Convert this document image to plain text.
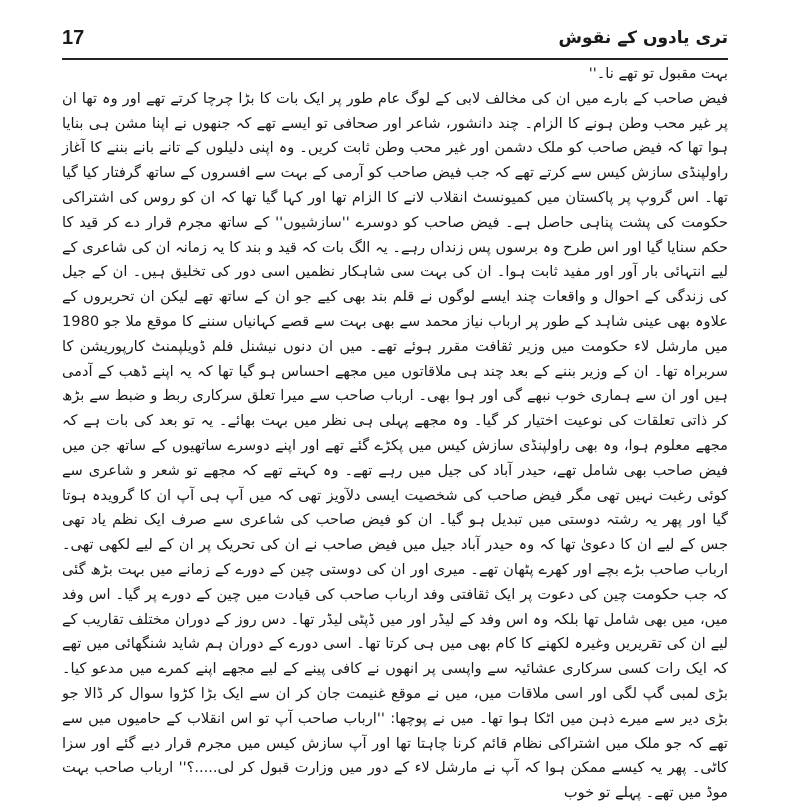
17	تری یادوں کے نقوش

بہت مقبول تو تھے نا۔''

فیض صاحب کے بارے میں ان کی مخالف لابی کے لوگ عام طور پر ایک بات کا بڑا چرچا کرتے تھے اور وہ تھا ان پر غیر محب وطن ہونے کا الزام۔ چند دانشور، شاعر اور صحافی تو ایسے تھے کہ جنھوں نے اپنا مشن ہی بنایا ہوا تھا کہ فیض صاحب کو ملک دشمن اور غیر محب وطن ثابت کریں۔ وہ اپنی دلیلوں کے تانے بانے بننے کا آغاز راولپنڈی سازش کیس سے کرتے تھے کہ جب فیض صاحب کو آرمی کے بہت سے افسروں کے ساتھ گرفتار کیا گیا تھا۔ اس گروپ پر پاکستان میں کمیونسٹ انقلاب لانے کا الزام تھا اور کہا گیا تھا کہ ان کو روس کی اشتراکی حکومت کی پشت پناہی حاصل ہے۔ فیض صاحب کو دوسرے ''سازشیوں'' کے ساتھ مجرم قرار دے کر قید کا حکم سنایا گیا اور اس طرح وہ برسوں پس زنداں رہے۔ یہ الگ بات کہ قید و بند کا یہ زمانہ ان کی شاعری کے لیے انتہائی بار آور اور مفید ثابت ہوا۔ ان کی بہت سی شاہکار نظمیں اسی دور کی تخلیق ہیں۔ ان کے جیل کی زندگی کے احوال و واقعات چند ایسے لوگوں نے قلم بند بھی کیے جو ان کے ساتھ تھے لیکن ان تحریروں کے علاوہ بھی عینی شاہد کے طور پر ارباب نیاز محمد سے بھی بہت سے قصے کہانیاں سننے کا موقع ملا جو 1980 میں مارشل لاء حکومت میں وزیر ثقافت مقرر ہوئے تھے۔ میں ان دنوں نیشنل فلم ڈویلپمنٹ کارپوریشن کا سربراہ تھا۔ ان کے وزیر بننے کے بعد چند ہی ملاقاتوں میں مجھے احساس ہو گیا تھا کہ یہ اپنے ڈھب کے آدمی ہیں اور ان سے ہماری خوب نبھے گی اور ہوا بھی۔ ارباب صاحب سے میرا تعلق سرکاری ربط و ضبط سے بڑھ کر ذاتی تعلقات کی نوعیت اختیار کر گیا۔ وہ مجھے پہلی ہی نظر میں بہت بھائے۔ یہ تو بعد کی بات ہے کہ مجھے معلوم ہوا، وہ بھی راولپنڈی سازش کیس میں پکڑے گئے تھے اور اپنے دوسرے ساتھیوں کے ساتھ جن میں فیض صاحب بھی شامل تھے، حیدر آباد کی جیل میں رہے تھے۔ وہ کہتے تھے کہ مجھے تو شعر و شاعری سے کوئی رغبت نہیں تھی مگر فیض صاحب کی شخصیت ایسی دلآویز تھی کہ میں آپ ہی آپ ان کا گرویدہ ہوتا گیا اور پھر یہ رشتہ دوستی میں تبدیل ہو گیا۔ ان کو فیض صاحب کی شاعری سے صرف ایک نظم یاد تھی جس کے لیے ان کا دعویٰ تھا کہ وہ حیدر آباد جیل میں فیض صاحب نے ان کی تحریک پر ان کے لیے لکھی تھی۔ ارباب صاحب بڑے بچے اور کھرے پٹھان تھے۔ میری اور ان کی دوستی چین کے دورے کے زمانے میں بہت بڑھ گئی کہ جب حکومت چین کی دعوت پر ایک ثقافتی وفد ارباب صاحب کی قیادت میں چین کے دورے پر گیا۔ اس وفد میں، میں بھی شامل تھا بلکہ وہ اس وفد کے لیڈر اور میں ڈپٹی لیڈر تھا۔ دس روز کے دوران مختلف تقاریب کے لیے ان کی تقریریں وغیرہ لکھنے کا کام بھی میں ہی کرتا تھا۔ اسی دورے کے دوران ہم شاید شنگھائی میں تھے کہ ایک رات کسی سرکاری عشائیہ سے واپسی پر انھوں نے کافی پینے کے لیے مجھے اپنے کمرے میں مدعو کیا۔ بڑی لمبی گپ لگی اور اسی ملاقات میں، میں نے موقع غنیمت جان کر ان سے ایک بڑا کڑوا سوال کر ڈالا جو بڑی دیر سے میرے ذہن میں اٹکا ہوا تھا۔ میں نے پوچھا: ''ارباب صاحب آپ تو اس انقلاب کے حامیوں میں سے تھے کہ جو ملک میں اشتراکی نظام قائم کرنا چاہتا تھا اور آپ سازش کیس میں مجرم قرار دیے گئے اور سزا کاٹی۔ پھر یہ کیسے ممکن ہوا کہ آپ نے مارشل لاء کے دور میں وزارت قبول کر لی.....؟'' ارباب صاحب بہت موڈ میں تھے۔ پہلے تو خوب
